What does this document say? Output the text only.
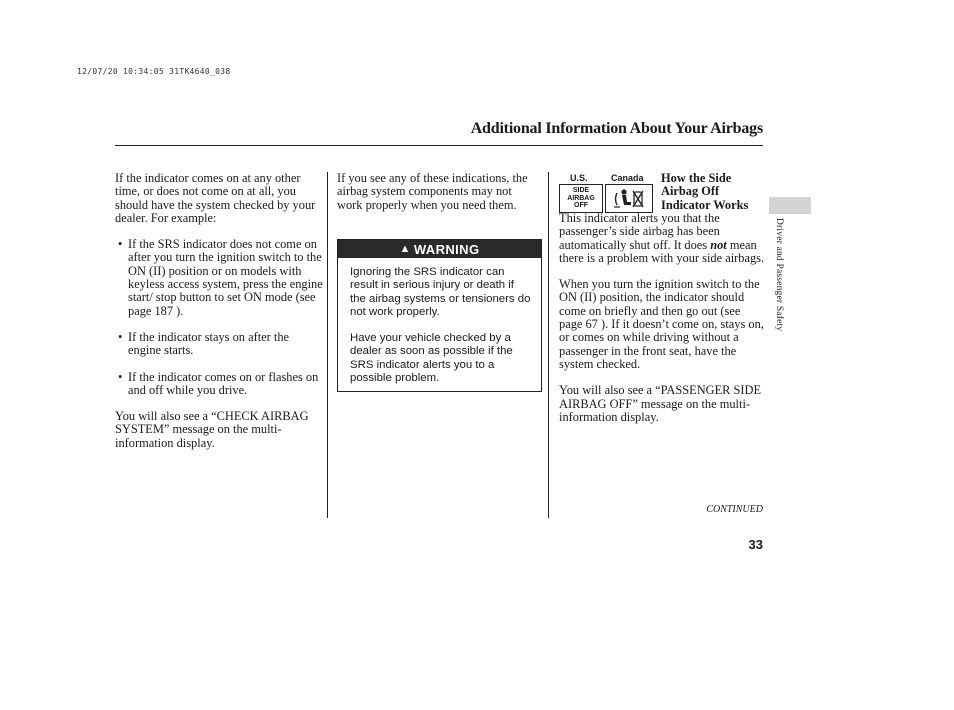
12/07/20 10:34:05 31TK4640_038
Additional Information About Your Airbags

If the indicator comes on at any other time, or does not come on at all, you should have the system checked by your dealer. For example:

• If the SRS indicator does not come on after you turn the ignition switch to the ON (II) position or on models with keyless access system, press the engine start/ stop button to set ON mode (see page 187 ).
• If the indicator stays on after the engine starts.
• If the indicator comes on or flashes on and off while you drive.

You will also see a “CHECK AIRBAG SYSTEM” message on the multi-information display.

If you see any of these indications, the airbag system components may not work properly when you need them.

▲ WARNING

Ignoring the SRS indicator can result in serious injury or death if the airbag systems or tensioners do not work properly.

Have your vehicle checked by a dealer as soon as possible if the SRS indicator alerts you to a possible problem.

U.S.	Canada
SIDE
AIRBAG
OFF
How the Side Airbag Off Indicator Works

This indicator alerts you that the passenger’s side airbag has been automatically shut off. It does not mean there is a problem with your side airbags.

When you turn the ignition switch to the ON (II) position, the indicator should come on briefly and then go out (see page 67 ). If it doesn’t come on, stays on, or comes on while driving without a passenger in the front seat, have the system checked.

You will also see a “PASSENGER SIDE AIRBAG OFF” message on the multi-information display.

Driver and Passenger Safety
CONTINUED
33
